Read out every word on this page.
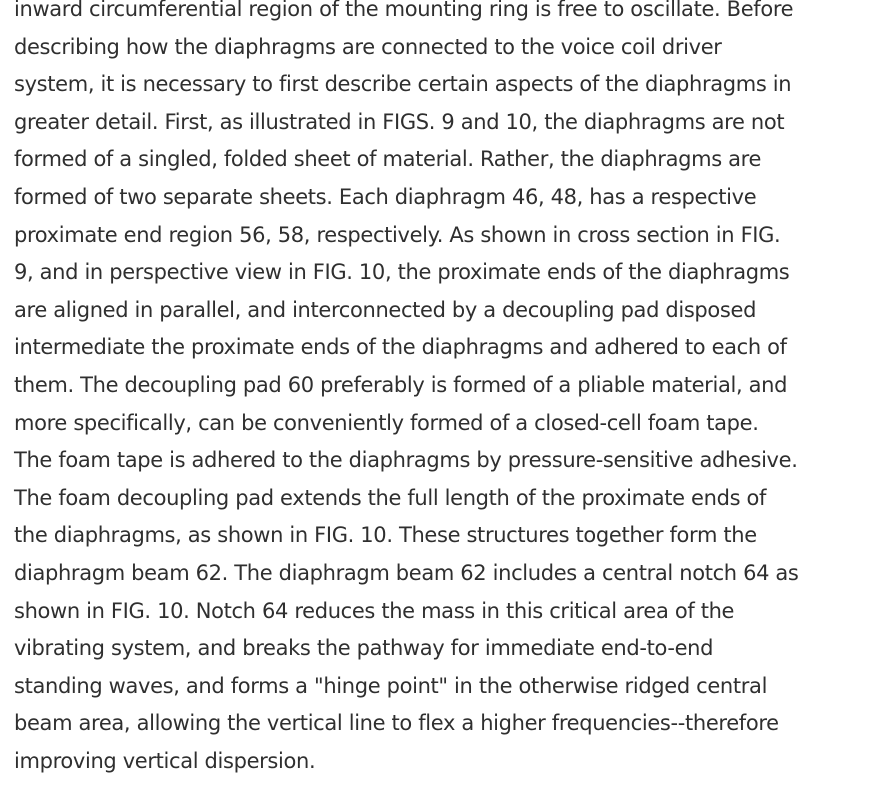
inward circumferential region of the mounting ring is free to oscillate. Before
describing how the diaphragms are connected to the voice coil driver
system, it is necessary to first describe certain aspects of the diaphragms in
greater detail. First, as illustrated in FIGS. 9 and 10, the diaphragms are not
formed of a singled, folded sheet of material. Rather, the diaphragms are
formed of two separate sheets. Each diaphragm 46, 48, has a respective
proximate end region 56, 58, respectively. As shown in cross section in FIG.
9, and in perspective view in FIG. 10, the proximate ends of the diaphragms
are aligned in parallel, and interconnected by a decoupling pad disposed
intermediate the proximate ends of the diaphragms and adhered to each of
them. The decoupling pad 60 preferably is formed of a pliable material, and
more specifically, can be conveniently formed of a closed-cell foam tape.
The foam tape is adhered to the diaphragms by pressure-sensitive adhesive.
The foam decoupling pad extends the full length of the proximate ends of
the diaphragms, as shown in FIG. 10. These structures together form the
diaphragm beam 62. The diaphragm beam 62 includes a central notch 64 as
shown in FIG. 10. Notch 64 reduces the mass in this critical area of the
vibrating system, and breaks the pathway for immediate end-to-end
standing waves, and forms a "hinge point" in the otherwise ridged central
beam area, allowing the vertical line to flex a higher frequencies--therefore
improving vertical dispersion.
